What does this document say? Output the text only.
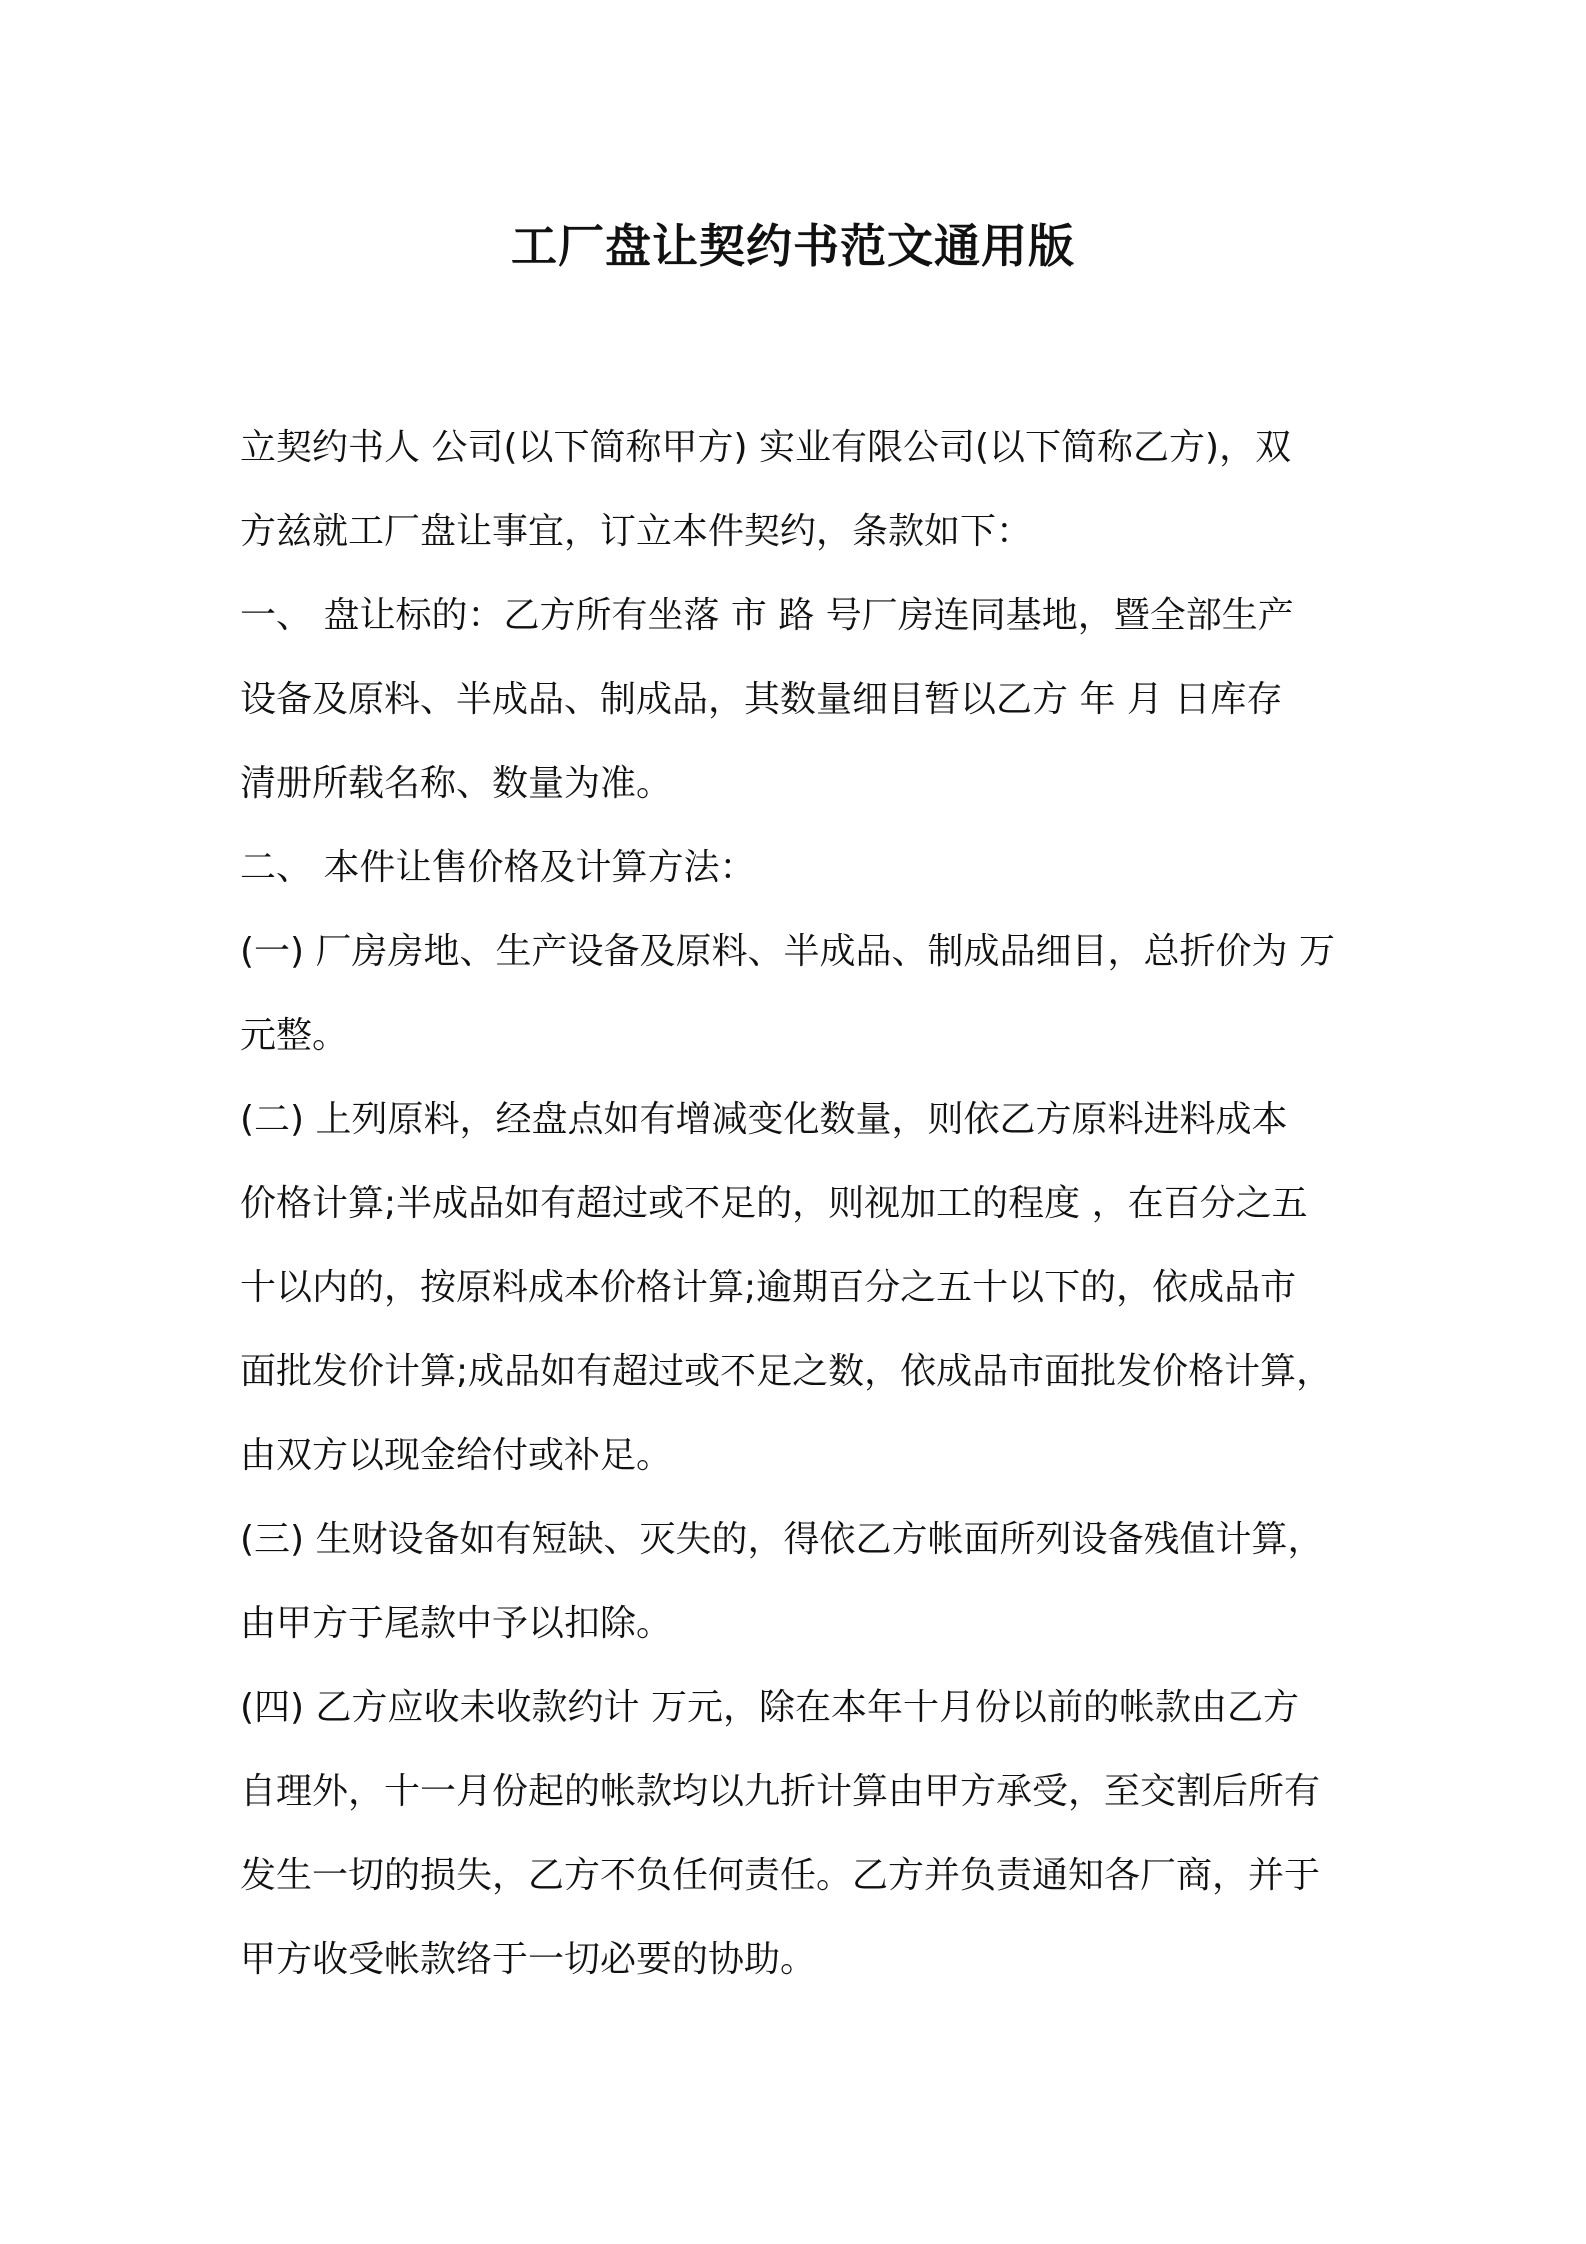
工厂盘让契约书范文通用版
立契约书人 公司(以下简称甲方) 实业有限公司(以下简称乙方)，双
方兹就工厂盘让事宜，订立本件契约，条款如下：
一、 盘让标的：乙方所有坐落 市 路 号厂房连同基地，暨全部生产
设备及原料、半成品、制成品，其数量细目暂以乙方 年 月 日库存
清册所载名称、数量为准。
二、 本件让售价格及计算方法：
(一) 厂房房地、生产设备及原料、半成品、制成品细目，总折价为 万
元整。
(二) 上列原料，经盘点如有增减变化数量，则依乙方原料进料成本
价格计算;半成品如有超过或不足的，则视加工的程度 ，在百分之五
十以内的，按原料成本价格计算;逾期百分之五十以下的，依成品市
面批发价计算;成品如有超过或不足之数，依成品市面批发价格计算，
由双方以现金给付或补足。
(三) 生财设备如有短缺、灭失的，得依乙方帐面所列设备残值计算，
由甲方于尾款中予以扣除。
(四) 乙方应收未收款约计 万元，除在本年十月份以前的帐款由乙方
自理外，十一月份起的帐款均以九折计算由甲方承受，至交割后所有
发生一切的损失，乙方不负任何责任。乙方并负责通知各厂商，并于
甲方收受帐款络于一切必要的协助。
